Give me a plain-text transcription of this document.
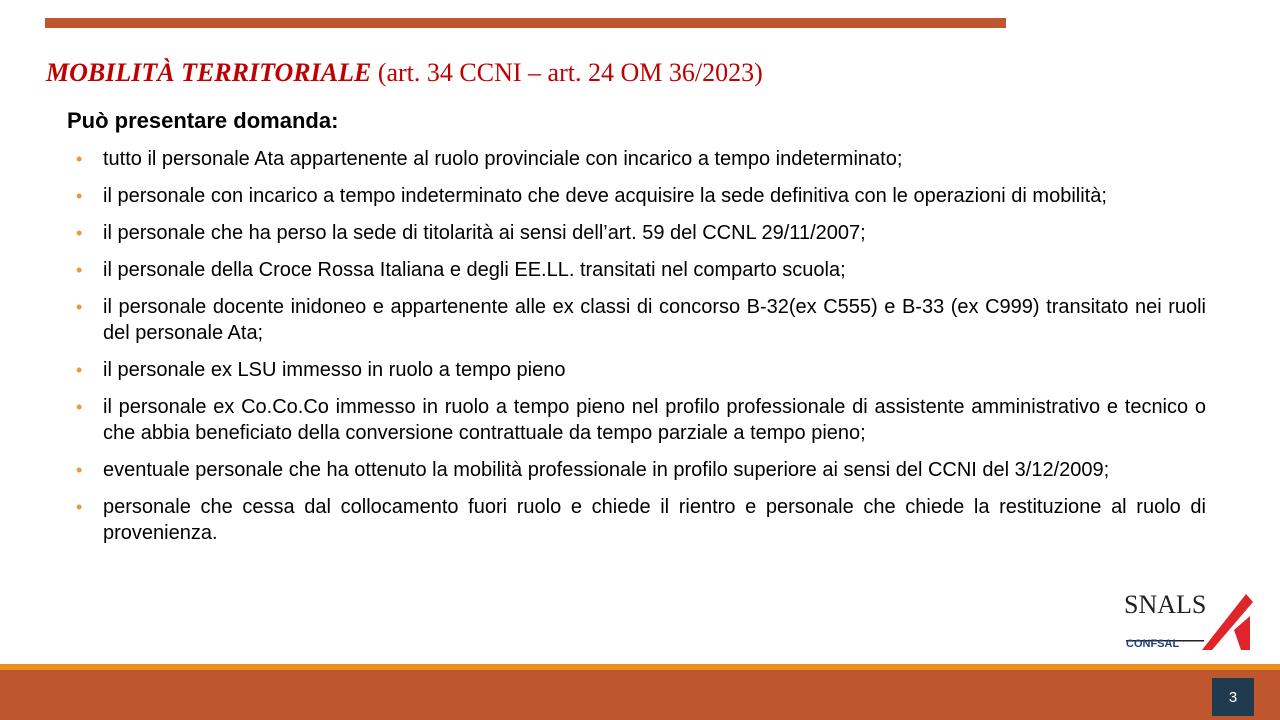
MOBILITÀ TERRITORIALE (art. 34 CCNI – art. 24 OM 36/2023)
Può presentare domanda:
• tutto il personale Ata appartenente al ruolo provinciale con incarico a tempo indeterminato;
• il personale con incarico a tempo indeterminato che deve acquisire la sede definitiva con le operazioni di mobilità;
• il personale che ha perso la sede di titolarità ai sensi dell’art. 59 del CCNL 29/11/2007;
• il personale della Croce Rossa Italiana e degli EE.LL. transitati nel comparto scuola;
• il personale docente inidoneo e appartenente alle ex classi di concorso B-32(ex C555) e B-33 (ex C999) transitato nei ruoli del personale Ata;
• il personale ex LSU immesso in ruolo a tempo pieno
• il personale ex Co.Co.Co immesso in ruolo a tempo pieno nel profilo professionale di assistente amministrativo e tecnico o che abbia beneficiato della conversione contrattuale da tempo parziale a tempo pieno;
• eventuale personale che ha ottenuto la mobilità professionale in profilo superiore ai sensi del CCNI del 3/12/2009;
• personale che cessa dal collocamento fuori ruolo e chiede il rientro e personale che chiede la restituzione al ruolo di provenienza.
SNALS
CONFSAL
3
